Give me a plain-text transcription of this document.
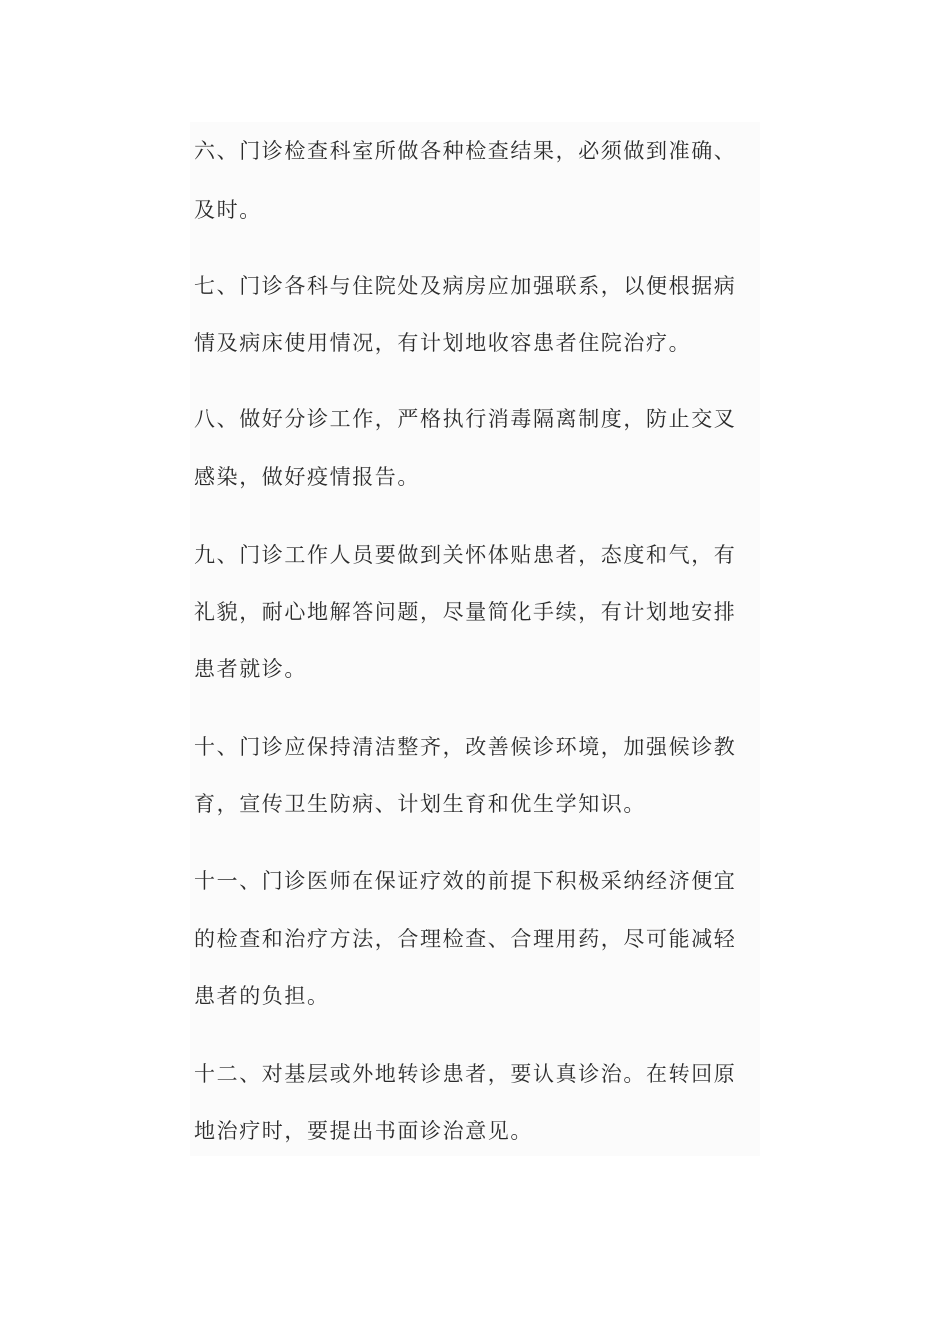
六、门诊检查科室所做各种检查结果，必须做到准确、
及时。
七、门诊各科与住院处及病房应加强联系，以便根据病
情及病床使用情况，有计划地收容患者住院治疗。
八、做好分诊工作，严格执行消毒隔离制度，防止交叉
感染，做好疫情报告。
九、门诊工作人员要做到关怀体贴患者，态度和气，有
礼貌，耐心地解答问题，尽量简化手续，有计划地安排
患者就诊。
十、门诊应保持清洁整齐，改善候诊环境，加强候诊教
育，宣传卫生防病、计划生育和优生学知识。
十一、门诊医师在保证疗效的前提下积极采纳经济便宜
的检查和治疗方法，合理检查、合理用药，尽可能减轻
患者的负担。
十二、对基层或外地转诊患者，要认真诊治。在转回原
地治疗时，要提出书面诊治意见。
